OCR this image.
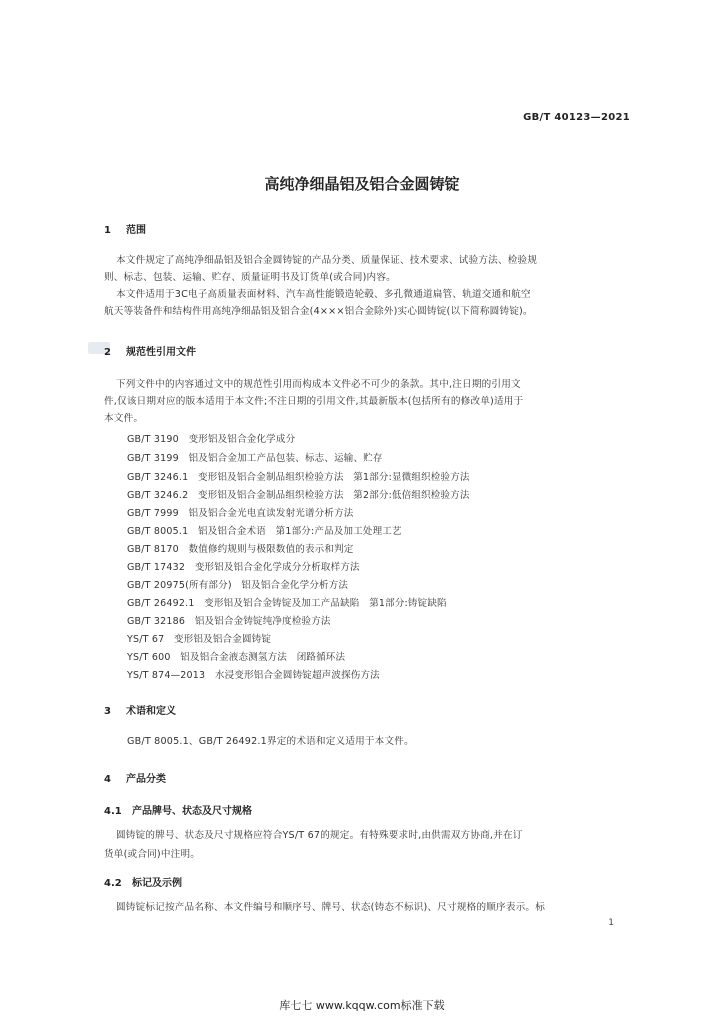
GB/T 40123—2021
高纯净细晶铝及铝合金圆铸锭
1 范围
本文件规定了高纯净细晶铝及铝合金圆铸锭的产品分类、质量保证、技术要求、试验方法、检验规
则、标志、包装、运输、贮存、质量证明书及订货单(或合同)内容。
本文件适用于3C电子高质量表面材料、汽车高性能锻造轮毂、多孔微通道扁管、轨道交通和航空
航天等装备件和结构件用高纯净细晶铝及铝合金(4×××铝合金除外)实心圆铸锭(以下简称圆铸锭)。
2 规范性引用文件
下列文件中的内容通过文中的规范性引用而构成本文件必不可少的条款。其中,注日期的引用文
件,仅该日期对应的版本适用于本文件;不注日期的引用文件,其最新版本(包括所有的修改单)适用于
本文件。
GB/T 3190　变形铝及铝合金化学成分
GB/T 3199　铝及铝合金加工产品包装、标志、运输、贮存
GB/T 3246.1　变形铝及铝合金制品组织检验方法　第1部分:显微组织检验方法
GB/T 3246.2　变形铝及铝合金制品组织检验方法　第2部分:低倍组织检验方法
GB/T 7999　铝及铝合金光电直读发射光谱分析方法
GB/T 8005.1　铝及铝合金术语　第1部分:产品及加工处理工艺
GB/T 8170　数值修约规则与极限数值的表示和判定
GB/T 17432　变形铝及铝合金化学成分分析取样方法
GB/T 20975(所有部分)　铝及铝合金化学分析方法
GB/T 26492.1　变形铝及铝合金铸锭及加工产品缺陷　第1部分:铸锭缺陷
GB/T 32186　铝及铝合金铸锭纯净度检验方法
YS/T 67　变形铝及铝合金圆铸锭
YS/T 600　铝及铝合金液态测氢方法　闭路循环法
YS/T 874—2013　水浸变形铝合金圆铸锭超声波探伤方法
3 术语和定义
GB/T 8005.1、GB/T 26492.1界定的术语和定义适用于本文件。
4 产品分类
4.1 产品牌号、状态及尺寸规格
圆铸锭的牌号、状态及尺寸规格应符合YS/T 67的规定。有特殊要求时,由供需双方协商,并在订
货单(或合同)中注明。
4.2 标记及示例
圆铸锭标记按产品名称、本文件编号和顺序号、牌号、状态(铸态不标识)、尺寸规格的顺序表示。标
1
库七七 www.kqqw.com标准下载
